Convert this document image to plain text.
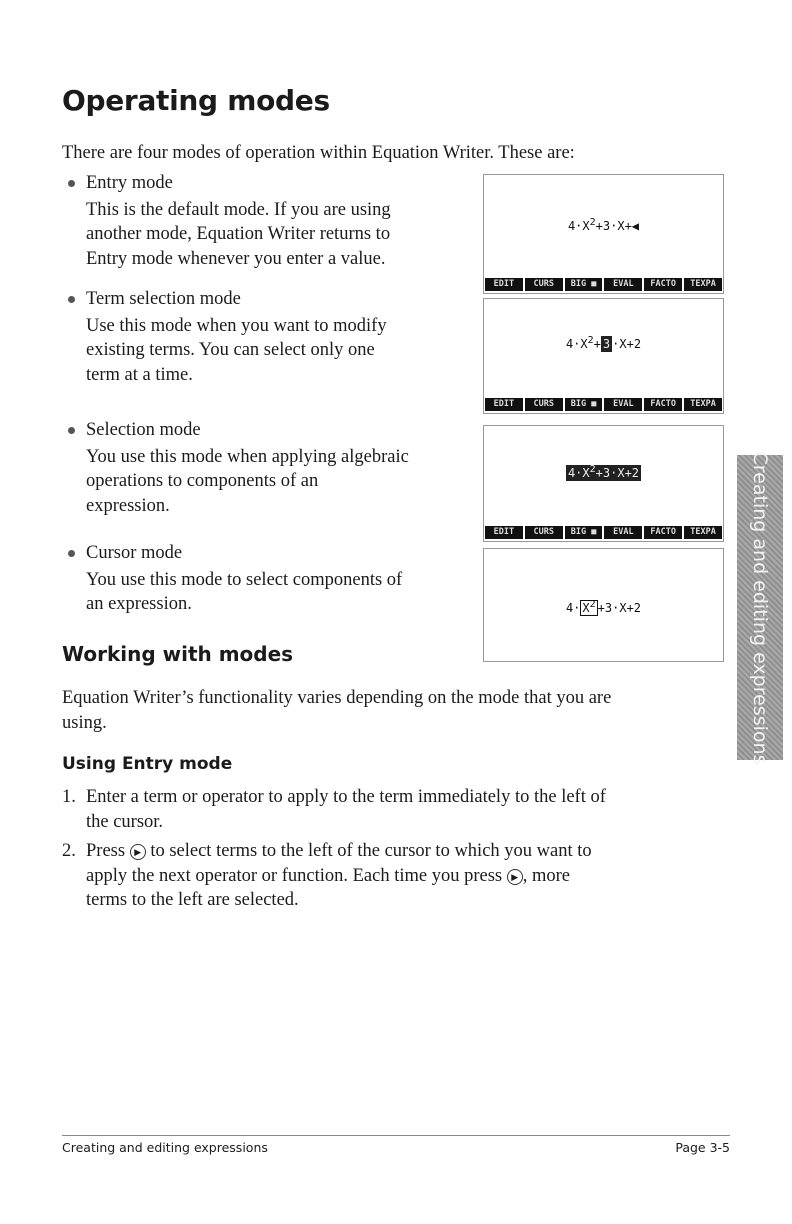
Operating modes
There are four modes of operation within Equation Writer. These are:
Entry mode
This is the default mode. If you are using
another mode, Equation Writer returns to
Entry mode whenever you enter a value.
Term selection mode
Use this mode when you want to modify
existing terms. You can select only one
term at a time.
Selection mode
You use this mode when applying algebraic
operations to components of an
expression.
Cursor mode
You use this mode to select components of
an expression.
$4\cdot X^2+3\cdot X+◀$
EDIT	CURS	BIG ■	EVAL	FACTO	TEXPA
$4\cdot X^2+ 3 \cdot X+2$
EDIT	CURS	BIG ■	EVAL	FACTO	TEXPA
$4\cdot X^2+3\cdot X+2$
EDIT	CURS	BIG ■	EVAL	FACTO	TEXPA
$4\cdot X^2 +3\cdot X+2$	Creating and editing expressions
Working with modes
Equation Writer’s functionality varies depending on the mode that you are
using.
Using Entry mode
1. Enter a term or operator to apply to the term immediately to the left of
the cursor.
2. Press ▶ to select terms to the left of the cursor to which you want to
apply the next operator or function. Each time you press ▶ , more
terms to the left are selected.
Creating and editing expressions	Page 3-5
